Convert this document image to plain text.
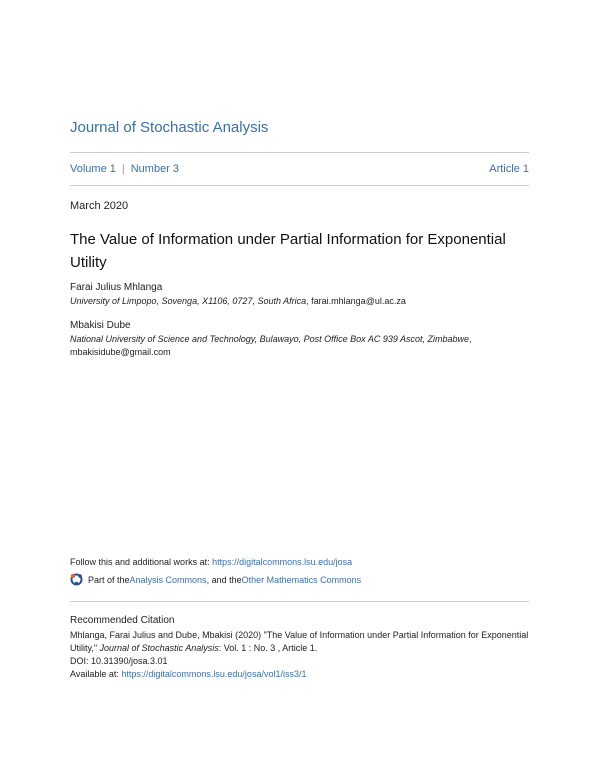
Journal of Stochastic Analysis
Volume 1 | Number 3	Article 1
March 2020
The Value of Information under Partial Information for Exponential Utility
Farai Julius Mhlanga
University of Limpopo, Sovenga, X1106, 0727, South Africa, farai.mhlanga@ul.ac.za
Mbakisi Dube
National University of Science and Technology, Bulawayo, Post Office Box AC 939 Ascot, Zimbabwe, mbakisidube@gmail.com
Follow this and additional works at: https://digitalcommons.lsu.edu/josa
Part of the Analysis Commons , and the Other Mathematics Commons
Recommended Citation
Mhlanga, Farai Julius and Dube, Mbakisi (2020) "The Value of Information under Partial Information for Exponential Utility," Journal of Stochastic Analysis: Vol. 1 : No. 3 , Article 1.
DOI: 10.31390/josa.3.01
Available at: https://digitalcommons.lsu.edu/josa/vol1/iss3/1
